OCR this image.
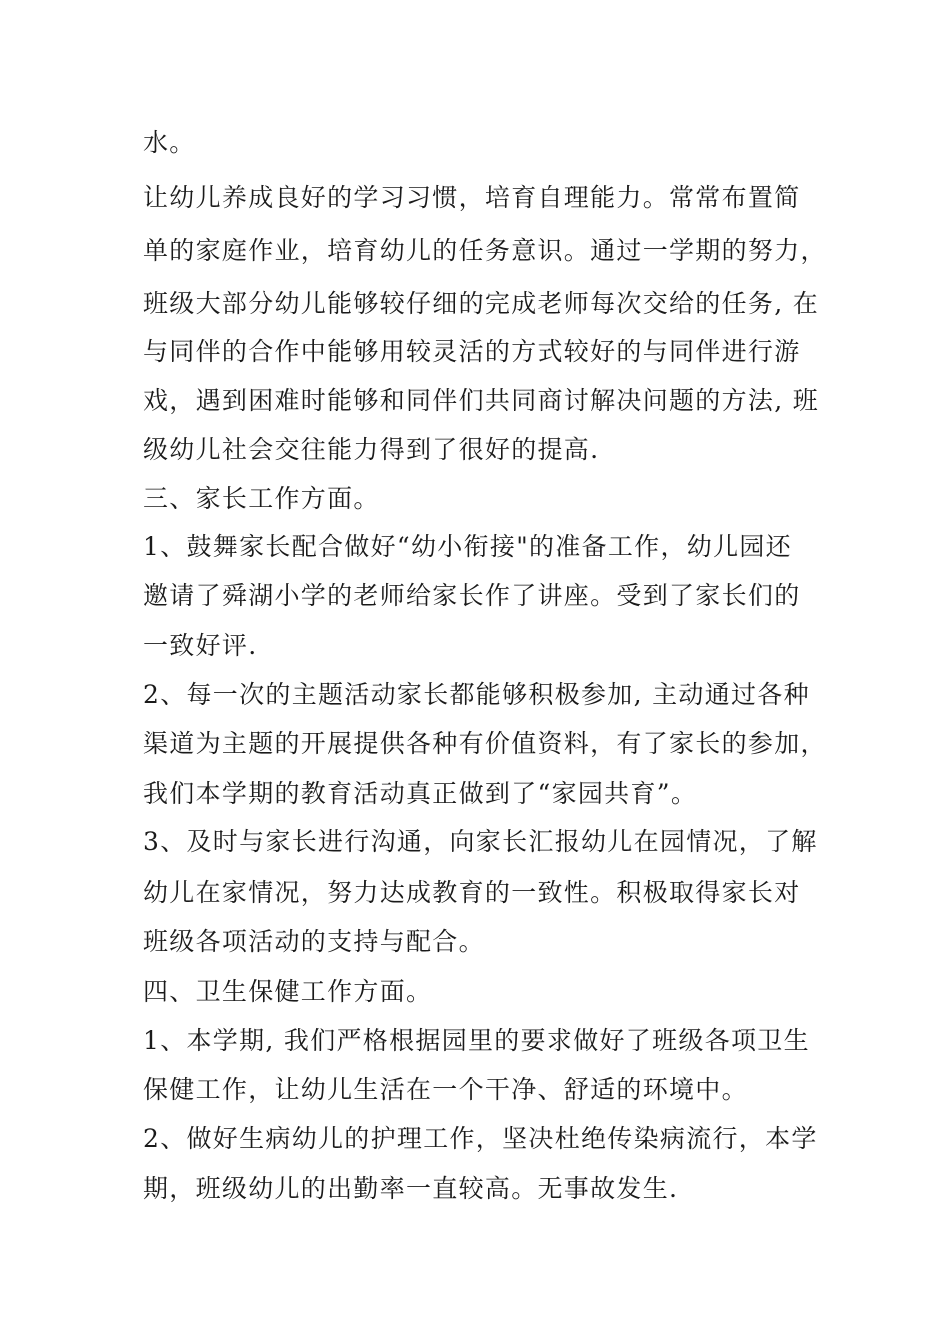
水。
让幼儿养成良好的学习习惯，培育自理能力。常常布置简
单的家庭作业，培育幼儿的任务意识。通过一学期的努力，
班级大部分幼儿能够较仔细的完成老师每次交给的任务, 在
与同伴的合作中能够用较灵活的方式较好的与同伴进行游
戏，遇到困难时能够和同伴们共同商讨解决问题的方法, 班
级幼儿社会交往能力得到了很好的提高.
三、家长工作方面。
1、鼓舞家长配合做好“幼小衔接"的准备工作，幼儿园还
邀请了舜湖小学的老师给家长作了讲座。受到了家长们的
一致好评.
2、每一次的主题活动家长都能够积极参加, 主动通过各种
渠道为主题的开展提供各种有价值资料，有了家长的参加，
我们本学期的教育活动真正做到了“家园共育”。
3、及时与家长进行沟通，向家长汇报幼儿在园情况，了解
幼儿在家情况，努力达成教育的一致性。积极取得家长对
班级各项活动的支持与配合。
四、卫生保健工作方面。
1、本学期, 我们严格根据园里的要求做好了班级各项卫生
保健工作，让幼儿生活在一个干净、舒适的环境中。
2、做好生病幼儿的护理工作，坚决杜绝传染病流行，本学
期，班级幼儿的出勤率一直较高。无事故发生.
